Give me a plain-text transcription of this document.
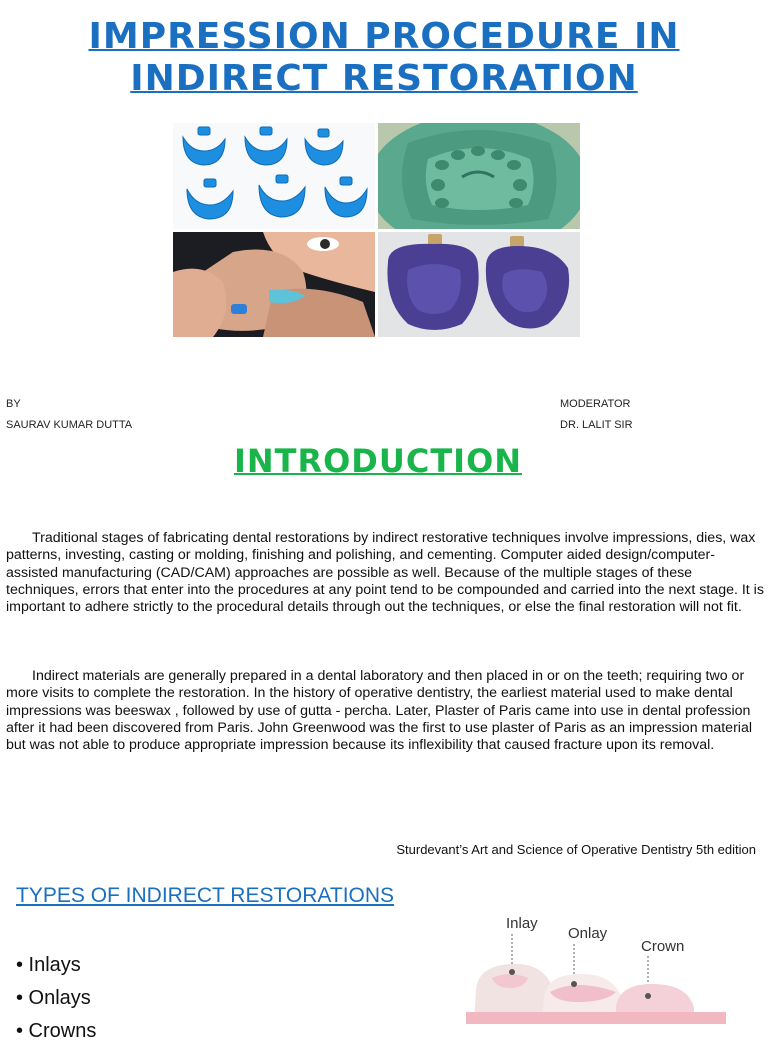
IMPRESSION PROCEDURE IN
INDIRECT RESTORATION
BY
SAURAV KUMAR DUTTA
MODERATOR
DR. LALIT SIR
INTRODUCTION

Traditional stages of fabricating dental restorations by indirect restorative techniques involve impressions, dies, wax patterns, investing, casting or molding, finishing and polishing, and cementing. Computer aided design/computer-assisted manufacturing (CAD/CAM) approaches are possible as well. Because of the multiple stages of these techniques, errors that enter into the procedures at any point tend to be compounded and carried into the next stage. It is important to adhere strictly to the procedural details through out the techniques, or else the final restoration will not fit.

Indirect materials are generally prepared in a dental laboratory and then placed in or on the teeth; requiring two or more visits to complete the restoration. In the history of operative dentistry, the earliest material used to make dental impressions was beeswax , followed by use of gutta - percha. Later, Plaster of Paris came into use in dental profession after it had been discovered from Paris. John Greenwood was the first to use plaster of Paris as an impression material but was not able to produce appropriate impression because its inflexibility that caused fracture upon its removal.

Sturdevant’s Art and Science of Operative Dentistry 5th edition
TYPES OF INDIRECT RESTORATIONS
• Inlays
• Onlays
• Crowns
Inlay
Onlay
Crown
